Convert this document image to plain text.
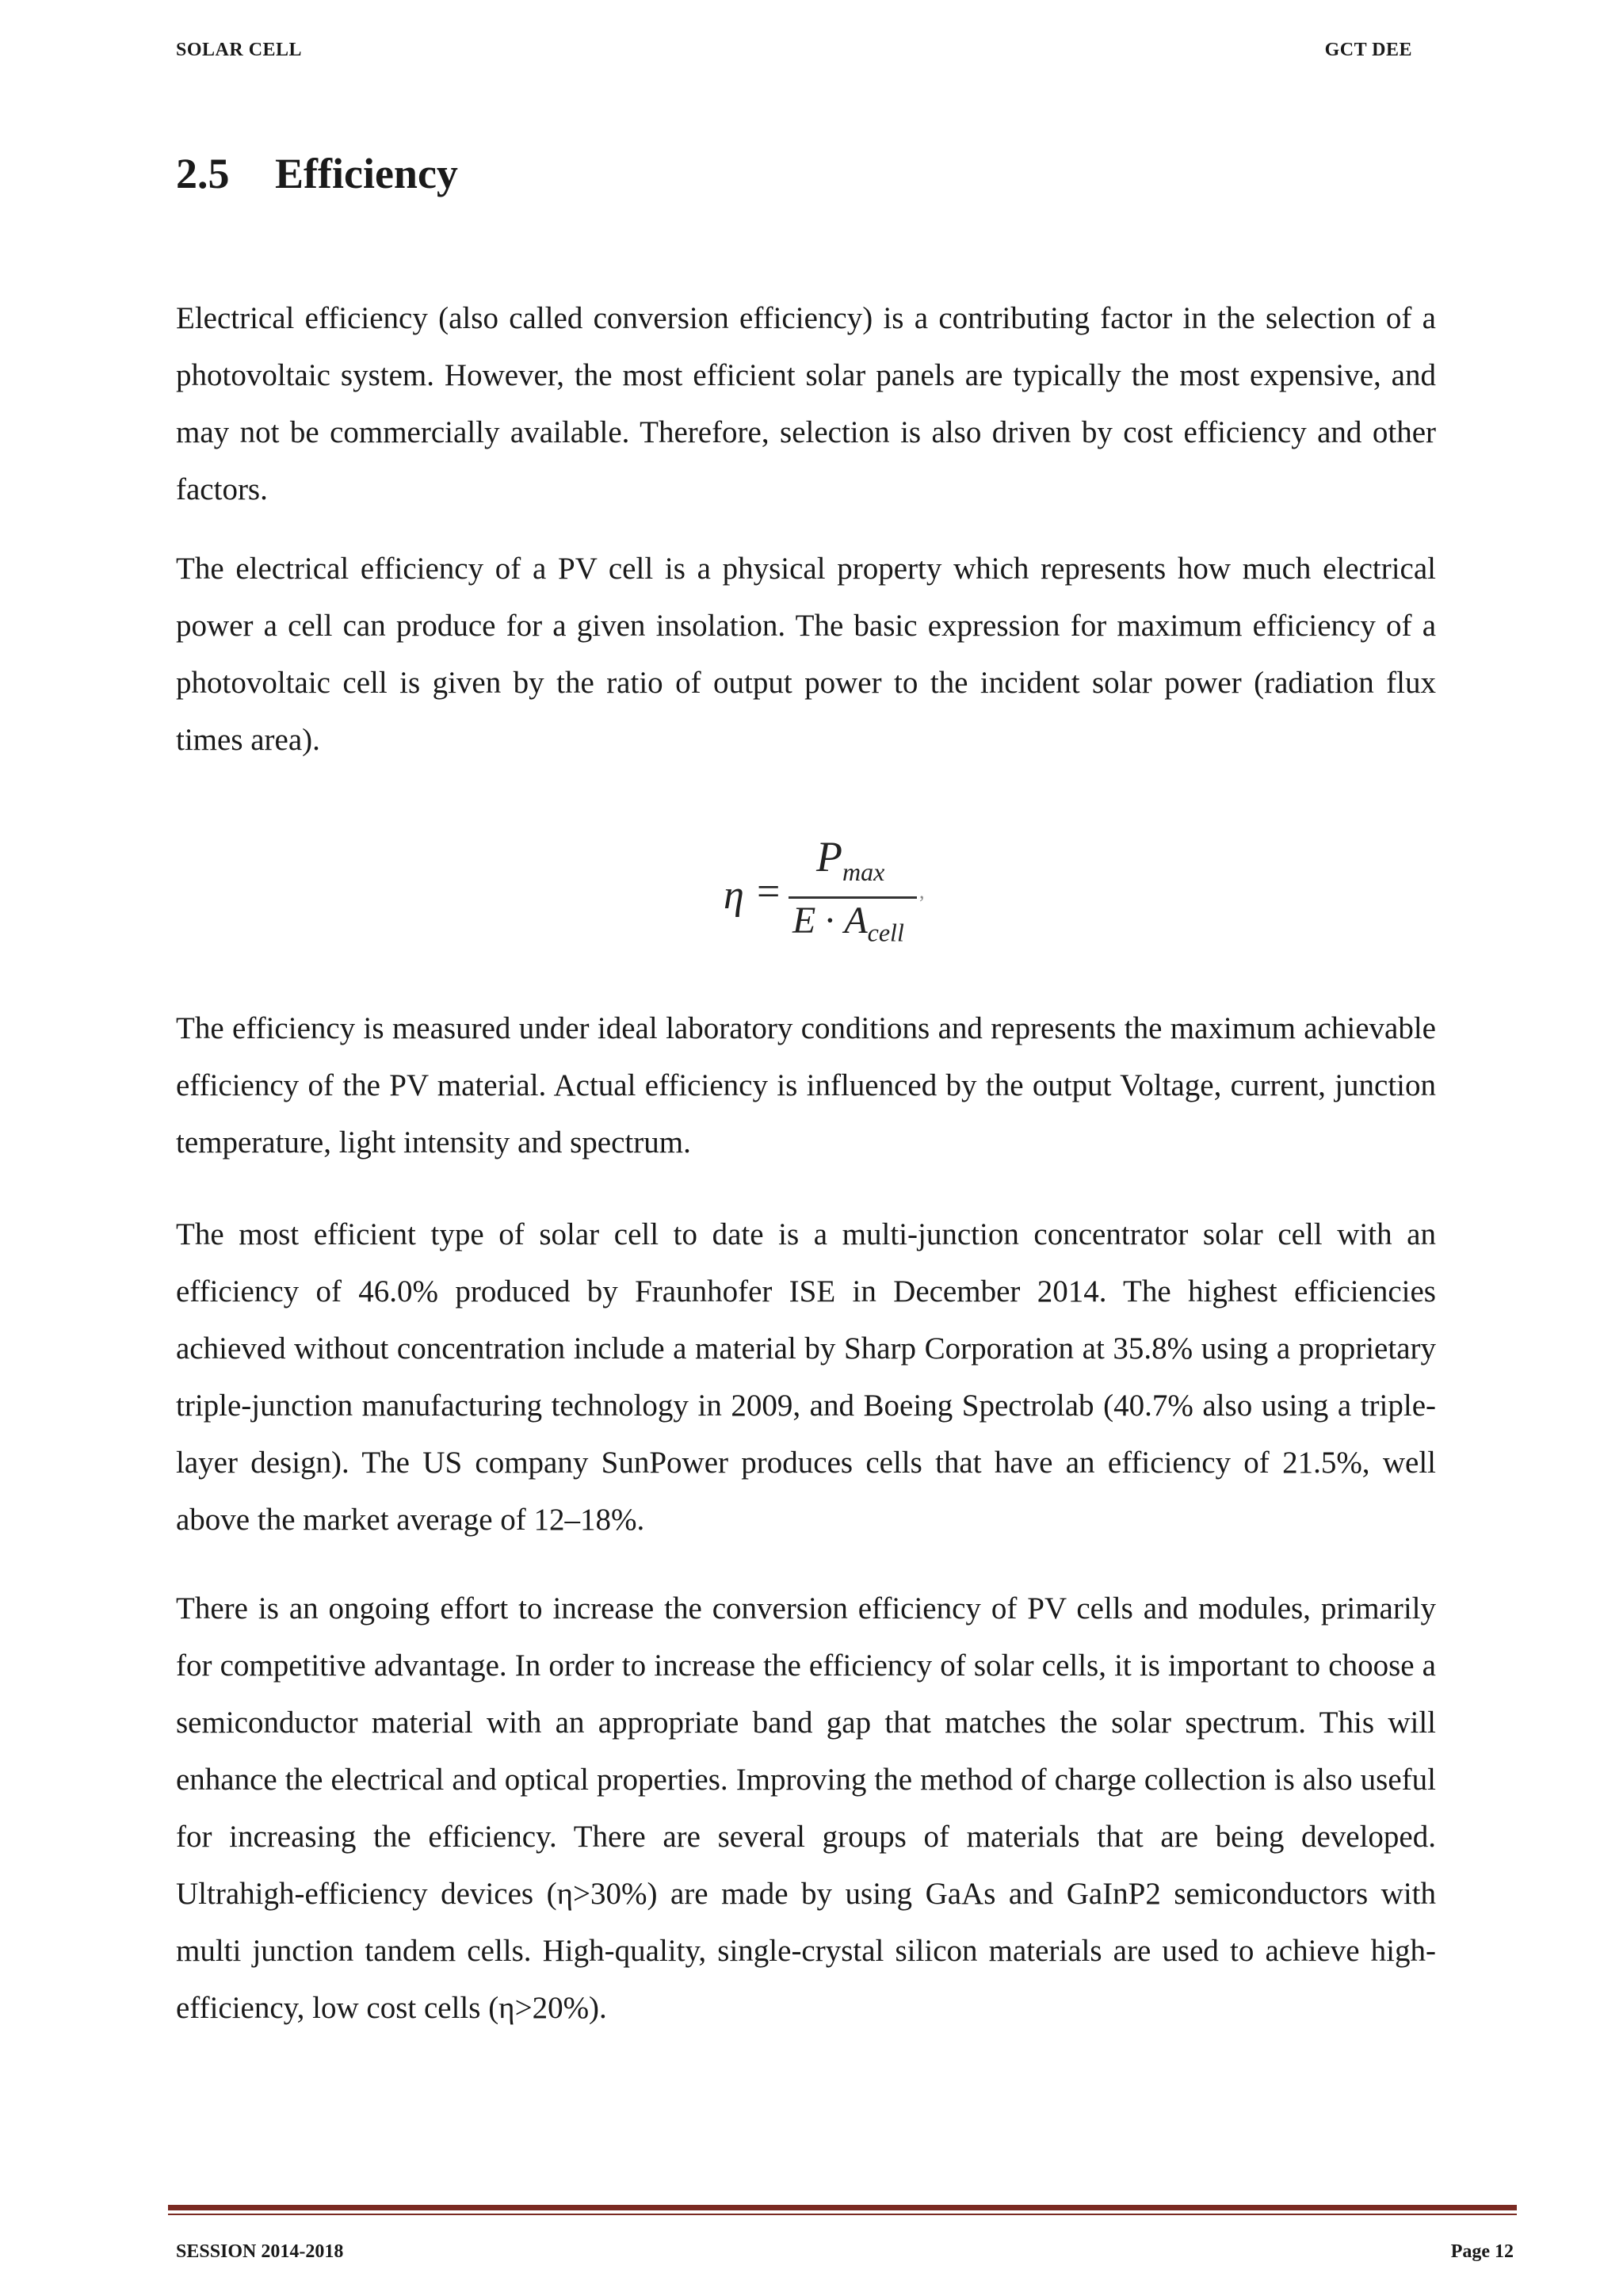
SOLAR CELL	GCT DEE
2.5 Efficiency

Electrical efficiency (also called conversion efficiency) is a contributing factor in the selection of a photovoltaic system. However, the most efficient solar panels are typically the most expensive, and may not be commercially available. Therefore, selection is also driven by cost efficiency and other factors.

The electrical efficiency of a PV cell is a physical property which represents how much electrical power a cell can produce for a given insolation. The basic expression for maximum efficiency of a photovoltaic cell is given by the ratio of output power to the incident solar power (radiation flux times area).

η =
$P_{max}$
$E \cdot A_{cell}$
,

The efficiency is measured under ideal laboratory conditions and represents the maximum achievable efficiency of the PV material. Actual efficiency is influenced by the output Voltage, current, junction temperature, light intensity and spectrum.

The most efficient type of solar cell to date is a multi-junction concentrator solar cell with an efficiency of 46.0% produced by Fraunhofer ISE in December 2014. The highest efficiencies achieved without concentration include a material by Sharp Corporation at 35.8% using a proprietary triple-junction manufacturing technology in 2009, and Boeing Spectrolab (40.7% also using a triple-layer design). The US company SunPower produces cells that have an efficiency of 21.5%, well above the market average of 12–18%.

There is an ongoing effort to increase the conversion efficiency of PV cells and modules, primarily for competitive advantage. In order to increase the efficiency of solar cells, it is important to choose a semiconductor material with an appropriate band gap that matches the solar spectrum. This will enhance the electrical and optical properties. Improving the method of charge collection is also useful for increasing the efficiency. There are several groups of materials that are being developed. Ultrahigh-efficiency devices (η>30%) are made by using GaAs and GaInP2 semiconductors with multi junction tandem cells. High-quality, single-crystal silicon materials are used to achieve high-efficiency, low cost cells (η>20%).

SESSION 2014-2018	Page 12
